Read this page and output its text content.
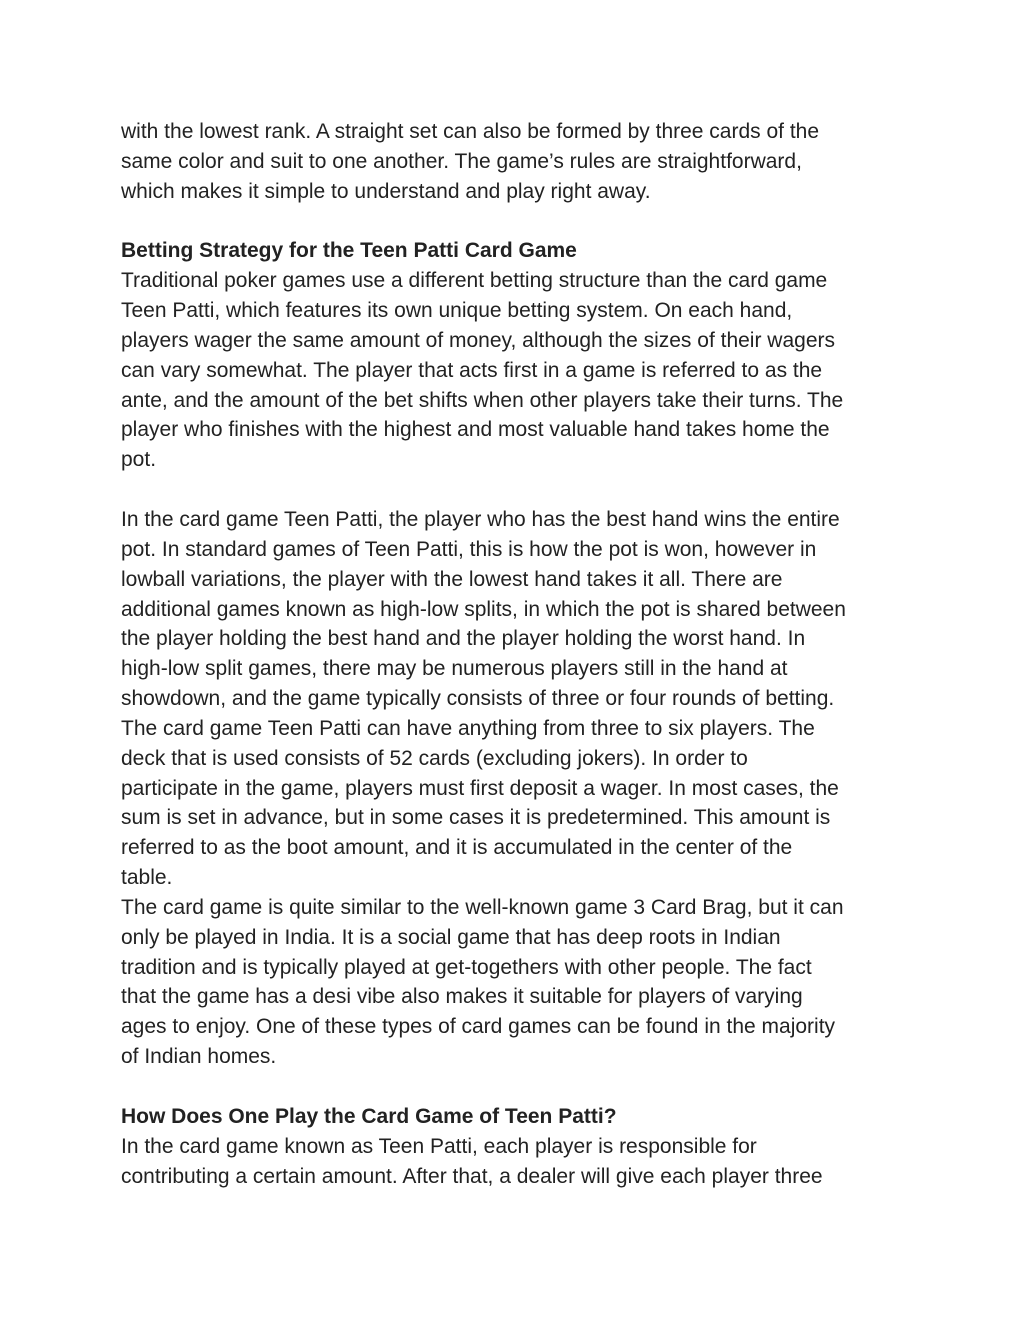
with the lowest rank. A straight set can also be formed by three cards of the
same color and suit to one another. The game’s rules are straightforward,
which makes it simple to understand and play right away.
Betting Strategy for the Teen Patti Card Game
Traditional poker games use a different betting structure than the card game
Teen Patti, which features its own unique betting system. On each hand,
players wager the same amount of money, although the sizes of their wagers
can vary somewhat. The player that acts first in a game is referred to as the
ante, and the amount of the bet shifts when other players take their turns. The
player who finishes with the highest and most valuable hand takes home the
pot.
In the card game Teen Patti, the player who has the best hand wins the entire
pot. In standard games of Teen Patti, this is how the pot is won, however in
lowball variations, the player with the lowest hand takes it all. There are
additional games known as high-low splits, in which the pot is shared between
the player holding the best hand and the player holding the worst hand. In
high-low split games, there may be numerous players still in the hand at
showdown, and the game typically consists of three or four rounds of betting.
The card game Teen Patti can have anything from three to six players. The
deck that is used consists of 52 cards (excluding jokers). In order to
participate in the game, players must first deposit a wager. In most cases, the
sum is set in advance, but in some cases it is predetermined. This amount is
referred to as the boot amount, and it is accumulated in the center of the
table.
The card game is quite similar to the well-known game 3 Card Brag, but it can
only be played in India. It is a social game that has deep roots in Indian
tradition and is typically played at get-togethers with other people. The fact
that the game has a desi vibe also makes it suitable for players of varying
ages to enjoy. One of these types of card games can be found in the majority
of Indian homes.
How Does One Play the Card Game of Teen Patti?
In the card game known as Teen Patti, each player is responsible for
contributing a certain amount. After that, a dealer will give each player three
